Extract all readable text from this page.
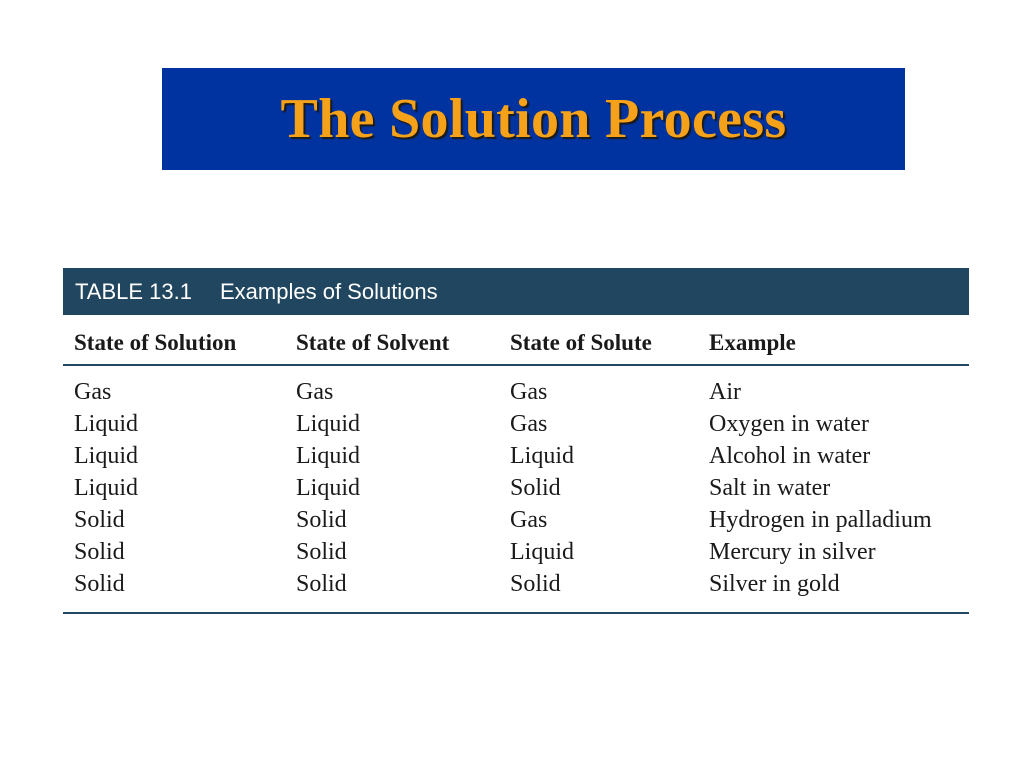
The Solution Process
TABLE 13.1 Examples of Solutions
State of Solution	State of Solvent	State of Solute	Example
Gas	Gas	Gas	Air
Liquid	Liquid	Gas	Oxygen in water
Liquid	Liquid	Liquid	Alcohol in water
Liquid	Liquid	Solid	Salt in water
Solid	Solid	Gas	Hydrogen in palladium
Solid	Solid	Liquid	Mercury in silver
Solid	Solid	Solid	Silver in gold
